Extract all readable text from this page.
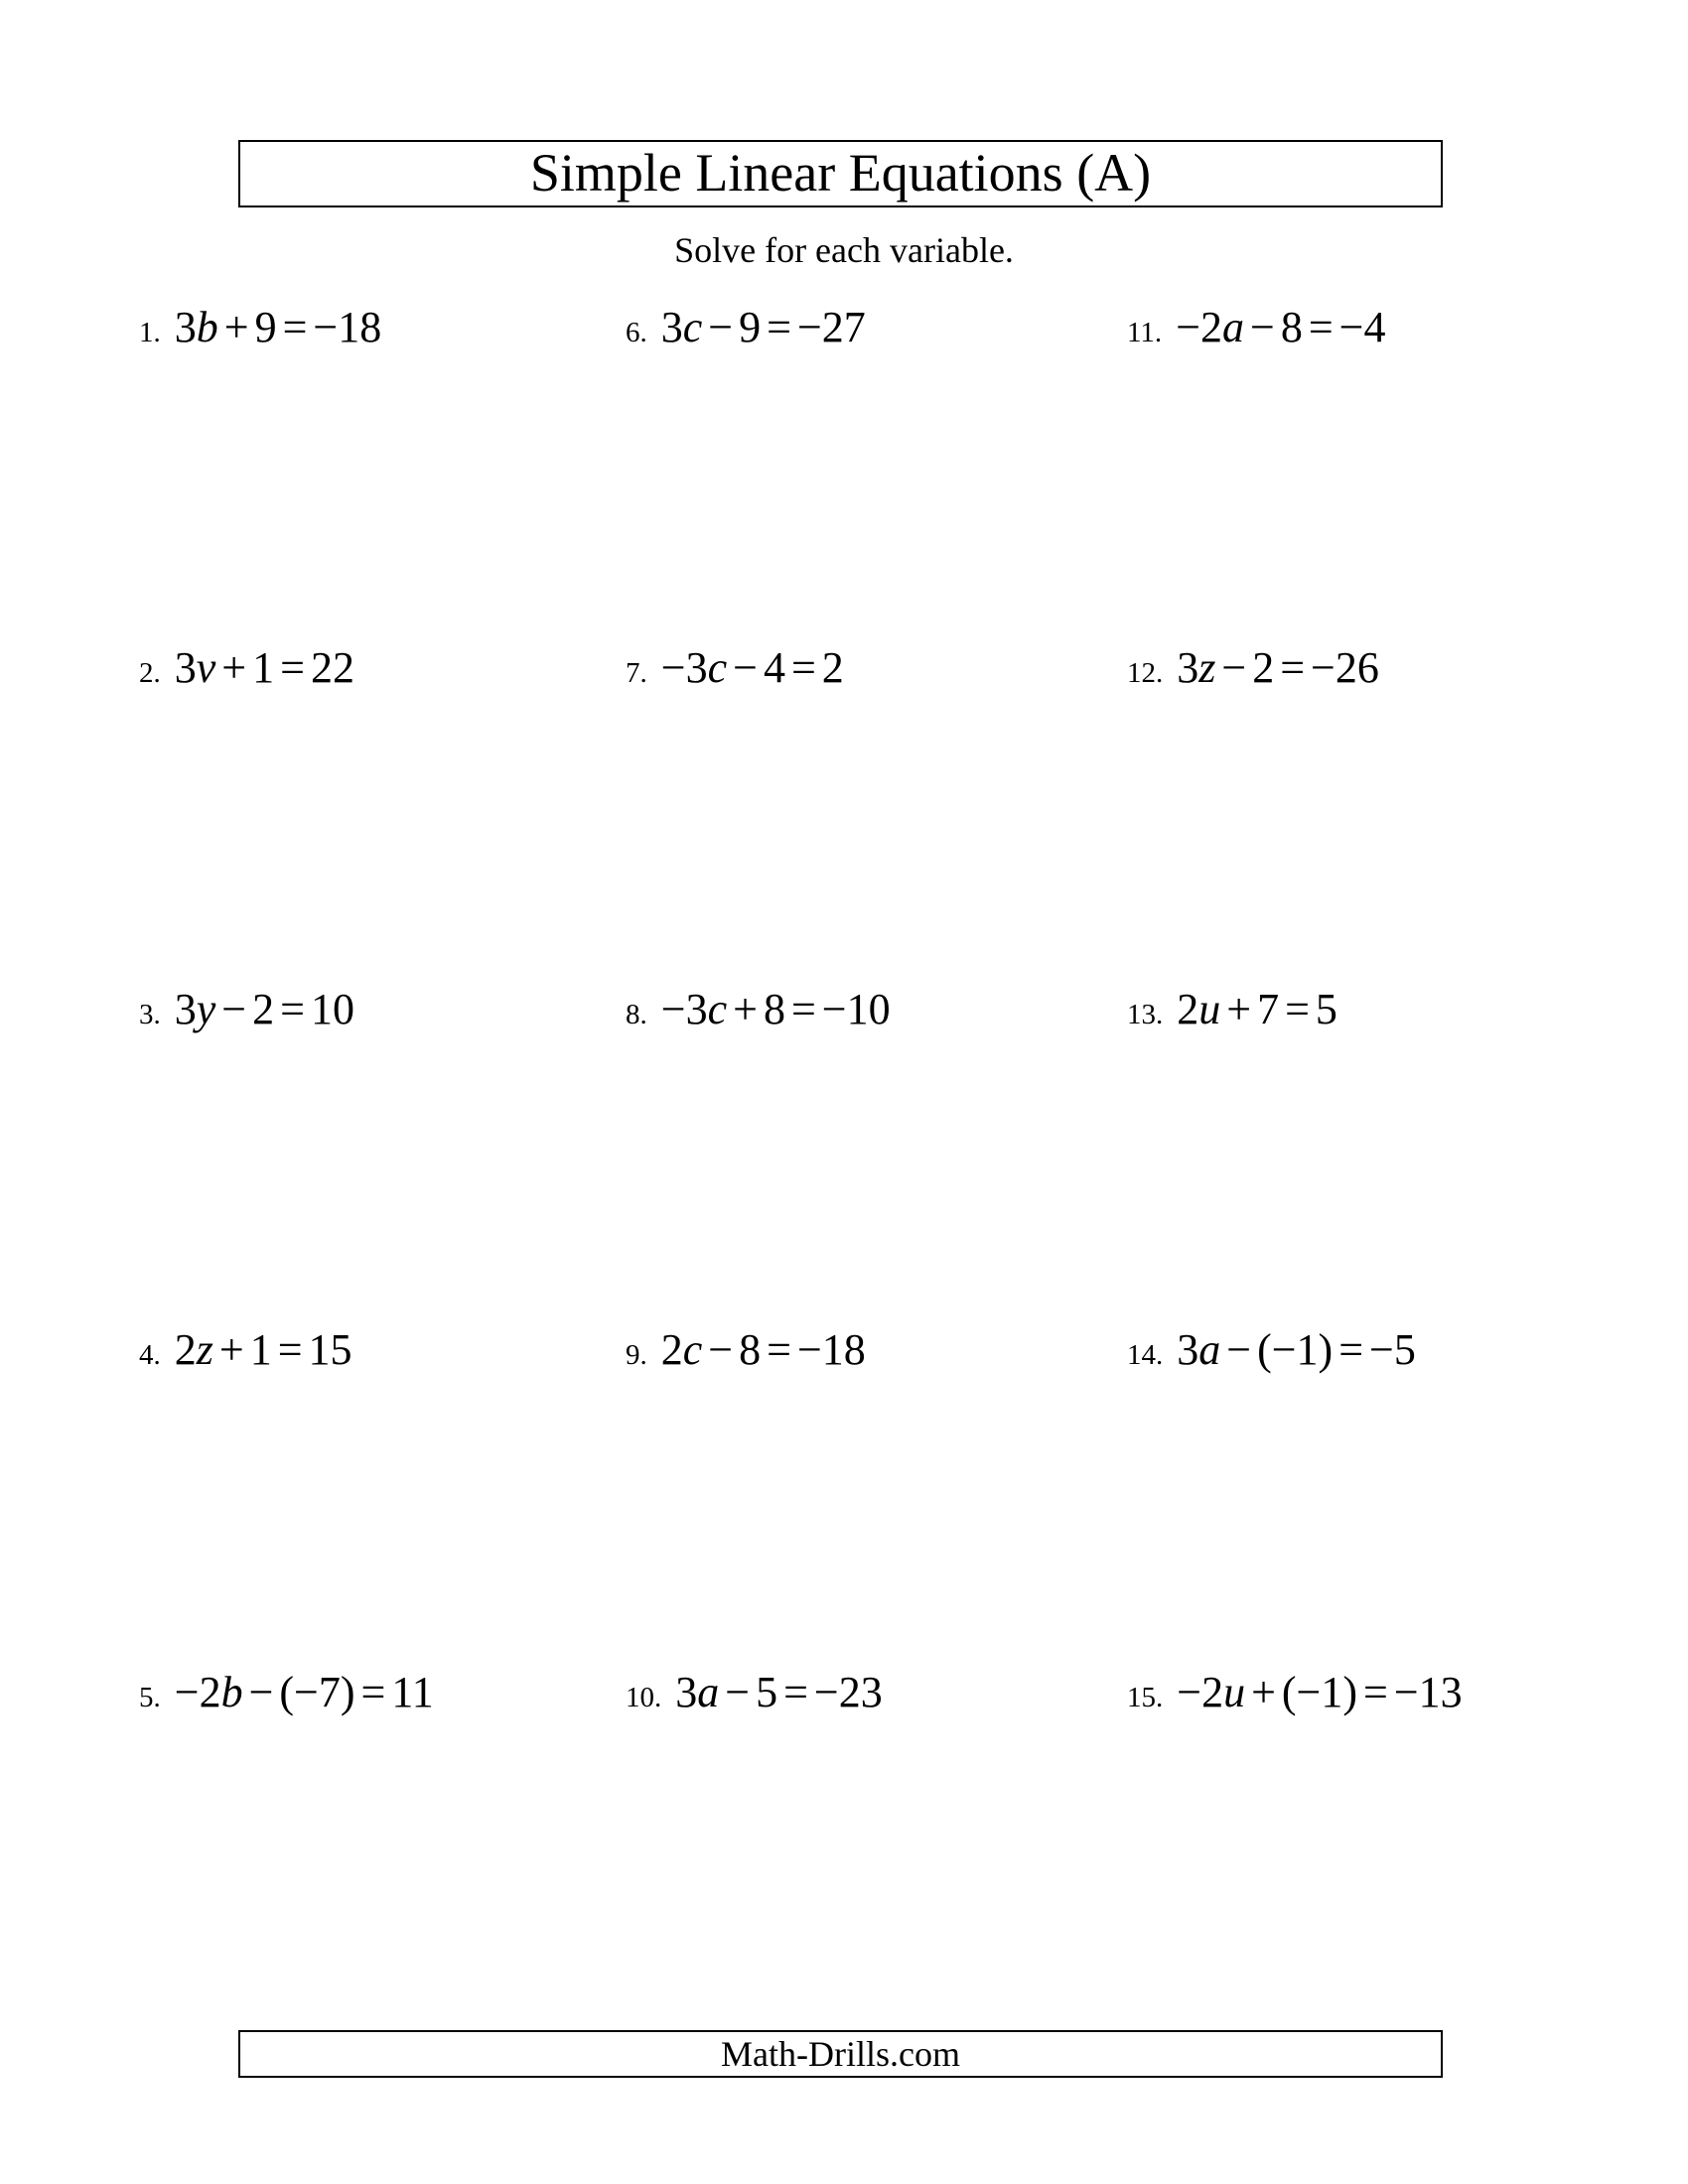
Simple Linear Equations (A)
Solve for each variable.
1. 3b + 9 = −18
2. 3v + 1 = 22
3. 3y − 2 = 10
4. 2z + 1 = 15
5. −2b − (−7) = 11
6. 3c − 9 = −27
7. −3c − 4 = 2
8. −3c + 8 = −10
9. 2c − 8 = −18
10. 3a − 5 = −23
11. −2a − 8 = −4
12. 3z − 2 = −26
13. 2u + 7 = 5
14. 3a − (−1) = −5
15. −2u + (−1) = −13
Math-Drills.com
